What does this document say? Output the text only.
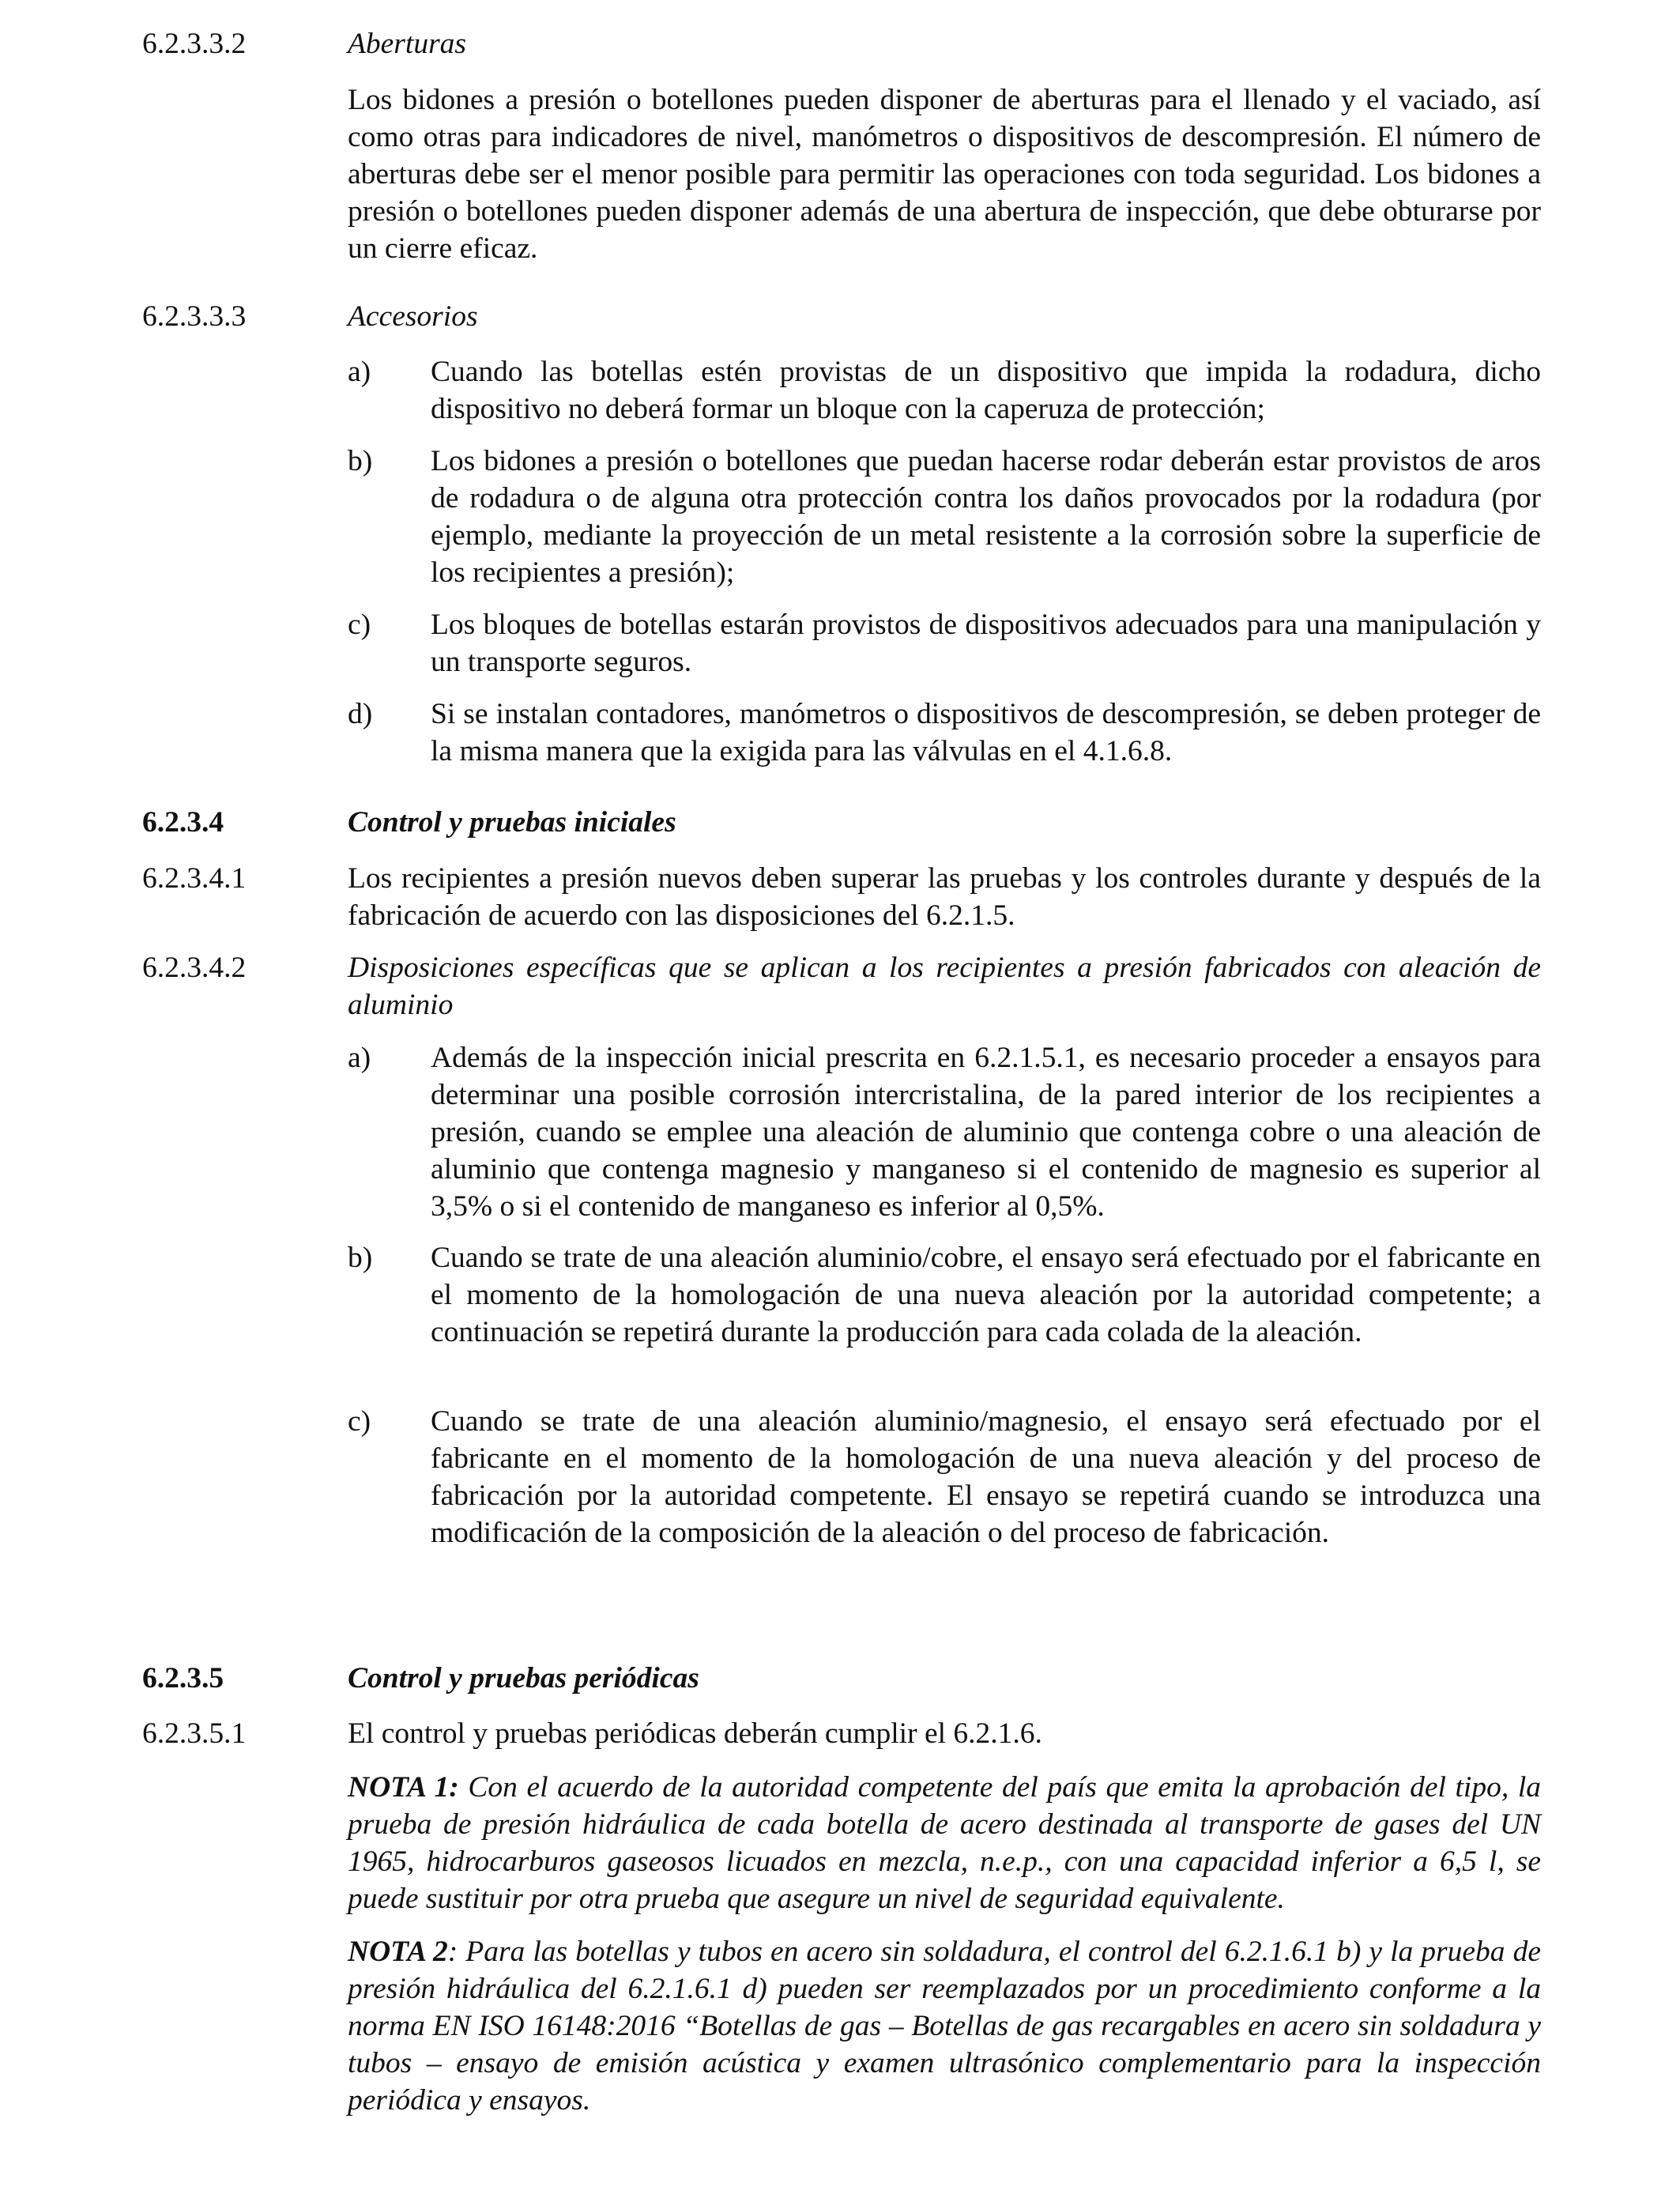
6.2.3.3.2	Aberturas
Los bidones a presión o botellones pueden disponer de aberturas para el llenado y el vaciado, así como otras para indicadores de nivel, manómetros o dispositivos de descompresión. El número de aberturas debe ser el menor posible para permitir las operaciones con toda seguridad. Los bidones a presión o botellones pueden disponer además de una abertura de inspección, que debe obturarse por un cierre eficaz.
6.2.3.3.3	Accesorios
a) Cuando las botellas estén provistas de un dispositivo que impida la rodadura, dicho dispositivo no deberá formar un bloque con la caperuza de protección;
b) Los bidones a presión o botellones que puedan hacerse rodar deberán estar provistos de aros de rodadura o de alguna otra protección contra los daños provocados por la rodadura (por ejemplo, mediante la proyección de un metal resistente a la corrosión sobre la superficie de los recipientes a presión);
c) Los bloques de botellas estarán provistos de dispositivos adecuados para una manipulación y un transporte seguros.
d) Si se instalan contadores, manómetros o dispositivos de descompresión, se deben proteger de la misma manera que la exigida para las válvulas en el 4.1.6.8.
6.2.3.4	Control y pruebas iniciales
6.2.3.4.1	Los recipientes a presión nuevos deben superar las pruebas y los controles durante y después de la fabricación de acuerdo con las disposiciones del 6.2.1.5.
6.2.3.4.2	Disposiciones específicas que se aplican a los recipientes a presión fabricados con aleación de aluminio
a) Además de la inspección inicial prescrita en 6.2.1.5.1, es necesario proceder a ensayos para determinar una posible corrosión intercristalina, de la pared interior de los recipientes a presión, cuando se emplee una aleación de aluminio que contenga cobre o una aleación de aluminio que contenga magnesio y manganeso si el contenido de magnesio es superior al 3,5% o si el contenido de manganeso es inferior al 0,5%.
b) Cuando se trate de una aleación aluminio/cobre, el ensayo será efectuado por el fabricante en el momento de la homologación de una nueva aleación por la autoridad competente; a continuación se repetirá durante la producción para cada colada de la aleación.
c) Cuando se trate de una aleación aluminio/magnesio, el ensayo será efectuado por el fabricante en el momento de la homologación de una nueva aleación y del proceso de fabricación por la autoridad competente. El ensayo se repetirá cuando se introduzca una modificación de la composición de la aleación o del proceso de fabricación.
6.2.3.5	Control y pruebas periódicas
6.2.3.5.1	El control y pruebas periódicas deberán cumplir el 6.2.1.6.
NOTA 1: Con el acuerdo de la autoridad competente del país que emita la aprobación del tipo, la prueba de presión hidráulica de cada botella de acero destinada al transporte de gases del UN 1965, hidrocarburos gaseosos licuados en mezcla, n.e.p., con una capacidad inferior a 6,5 l, se puede sustituir por otra prueba que asegure un nivel de seguridad equivalente.
NOTA 2: Para las botellas y tubos en acero sin soldadura, el control del 6.2.1.6.1 b) y la prueba de presión hidráulica del 6.2.1.6.1 d) pueden ser reemplazados por un procedimiento conforme a la norma EN ISO 16148:2016 “Botellas de gas – Botellas de gas recargables en acero sin soldadura y tubos – ensayo de emisión acústica y examen ultrasónico complementario para la inspección periódica y ensayos.
